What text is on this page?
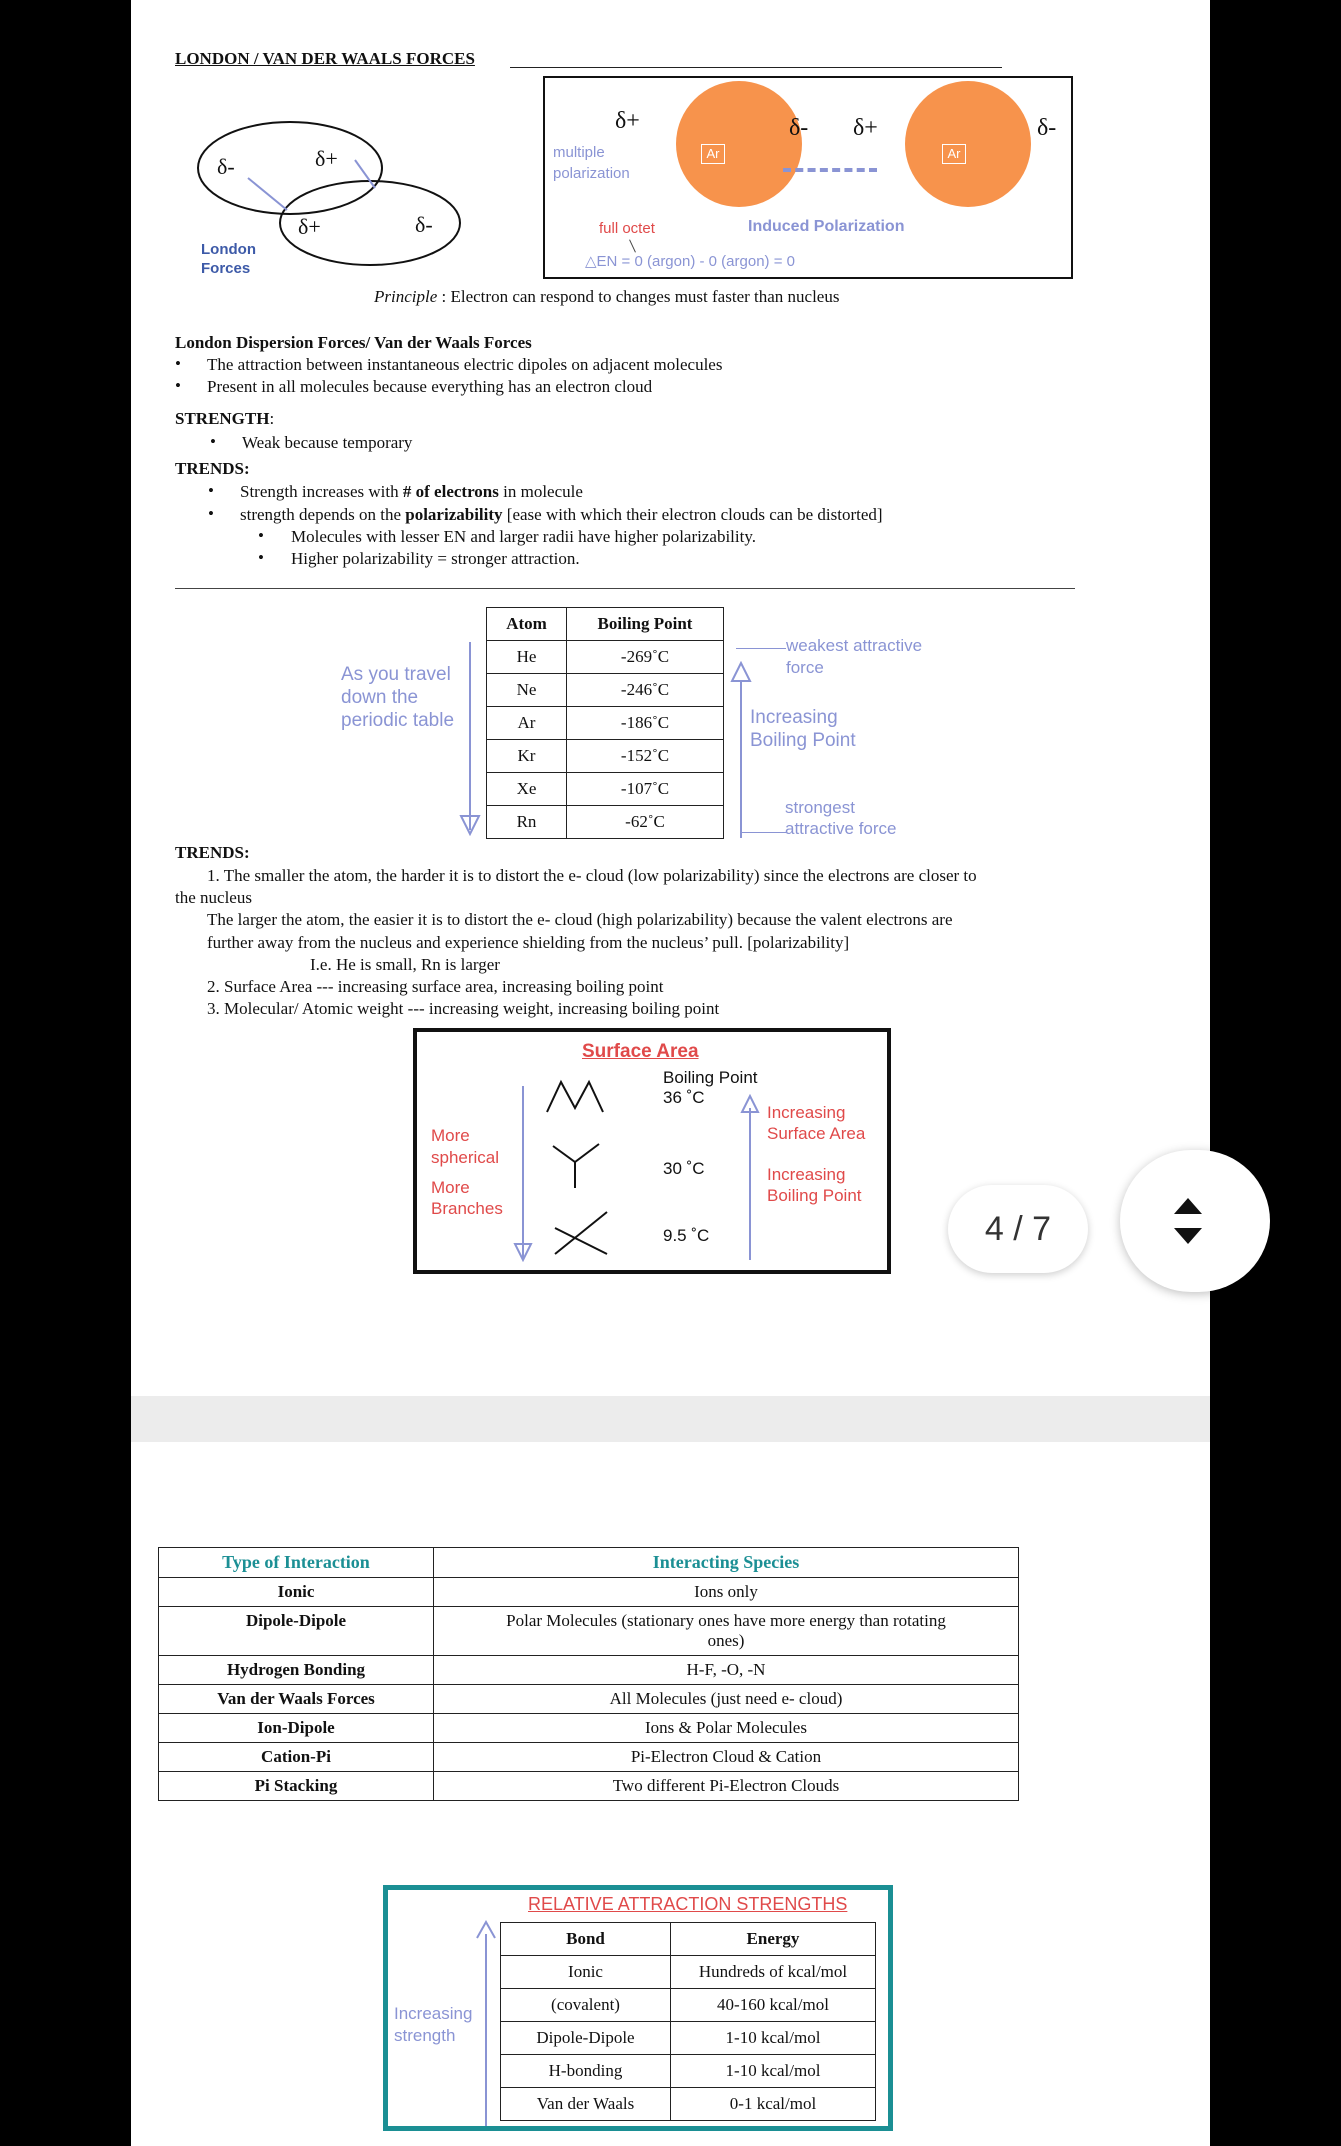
LONDON / VAN DER WAALS FORCES
δ-	δ+
δ+	δ-
London
Forces
Ar	Ar
δ+	δ- δ+	δ-
multiple
polarization
full octet	Induced Polarization
△EN = 0 (argon) - 0 (argon) = 0
Principle : Electron can respond to changes must faster than nucleus
London Dispersion Forces/ Van der Waals Forces
• The attraction between instantaneous electric dipoles on adjacent molecules
• Present in all molecules because everything has an electron cloud
STRENGTH:
• Weak because temporary
TRENDS:
• Strength increases with # of electrons in molecule
• strength depends on the polarizability [ease with which their electron clouds can be distorted]
• Molecules with lesser EN and larger radii have higher polarizability.
• Higher polarizability = stronger attraction.
Atom	Boiling Point
He	-269˚C
Ne	-246˚C
Ar	-186˚C
Kr	-152˚C
Xe	-107˚C
Rn	-62˚C
As you travel
down the
periodic table
weakest attractive
force
Increasing
Boiling Point
strongest
attractive force
TRENDS:
1. The smaller the atom, the harder it is to distort the e- cloud (low polarizability) since the electrons are closer to
the nucleus
The larger the atom, the easier it is to distort the e- cloud (high polarizability) because the valent electrons are
further away from the nucleus and experience shielding from the nucleus’ pull. [polarizability]
I.e. He is small, Rn is larger
2. Surface Area --- increasing surface area, increasing boiling point
3. Molecular/ Atomic weight --- increasing weight, increasing boiling point
Surface Area
More
spherical
More
Branches
Boiling Point
36 ˚C
30 ˚C
9.5 ˚C
Increasing
Surface Area
Increasing
Boiling Point
4 / 7
Type of Interaction	Interacting Species
Ionic	Ions only
Dipole-Dipole	Polar Molecules (stationary ones have more energy than rotating ones)
Hydrogen Bonding	H-F, -O, -N
Van der Waals Forces	All Molecules (just need e- cloud)
Ion-Dipole	Ions & Polar Molecules
Cation-Pi	Pi-Electron Cloud & Cation
Pi Stacking	Two different Pi-Electron Clouds
RELATIVE ATTRACTION STRENGTHS
Increasing
strength
Bond	Energy
Ionic	Hundreds of kcal/mol
(covalent)	40-160 kcal/mol
Dipole-Dipole	1-10 kcal/mol
H-bonding	1-10 kcal/mol
Van der Waals	0-1 kcal/mol
